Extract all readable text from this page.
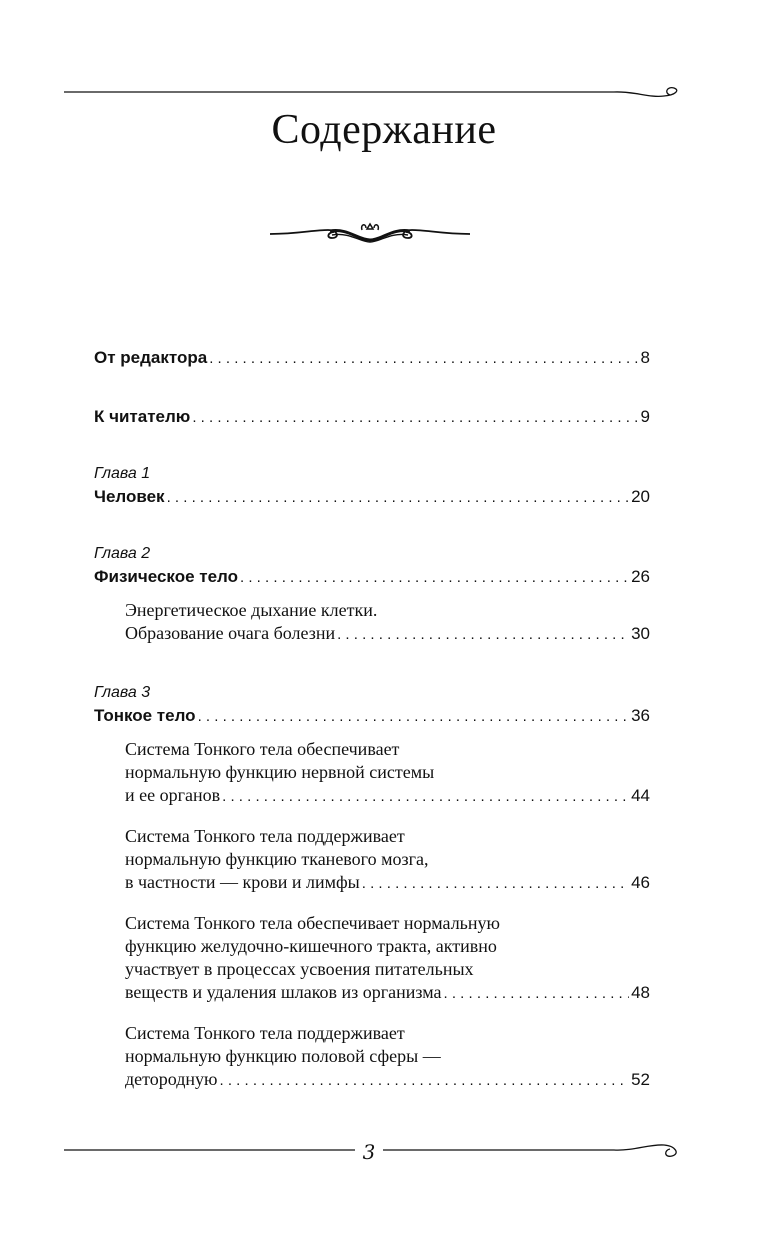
Содержание
От редактора . . .	8
К читателю . . .	9
Глава 1
Человек . . .	20
Глава 2
Физическое тело . . .	26
Энергетическое дыхание клетки.
Образование очага болезни . . .	30
Глава 3
Тонкое тело . . .	36
Система Тонкого тела обеспечивает
нормальную функцию нервной системы
и ее органов . . .	44
Система Тонкого тела поддерживает
нормальную функцию тканевого мозга,
в частности — крови и лимфы . . .	46
Система Тонкого тела обеспечивает нормальную
функцию желудочно-кишечного тракта, активно
участвует в процессах усвоения питательных
веществ и удаления шлаков из организма . . .	48
Система Тонкого тела поддерживает
нормальную функцию половой сферы —
детородную . . .	52
3
